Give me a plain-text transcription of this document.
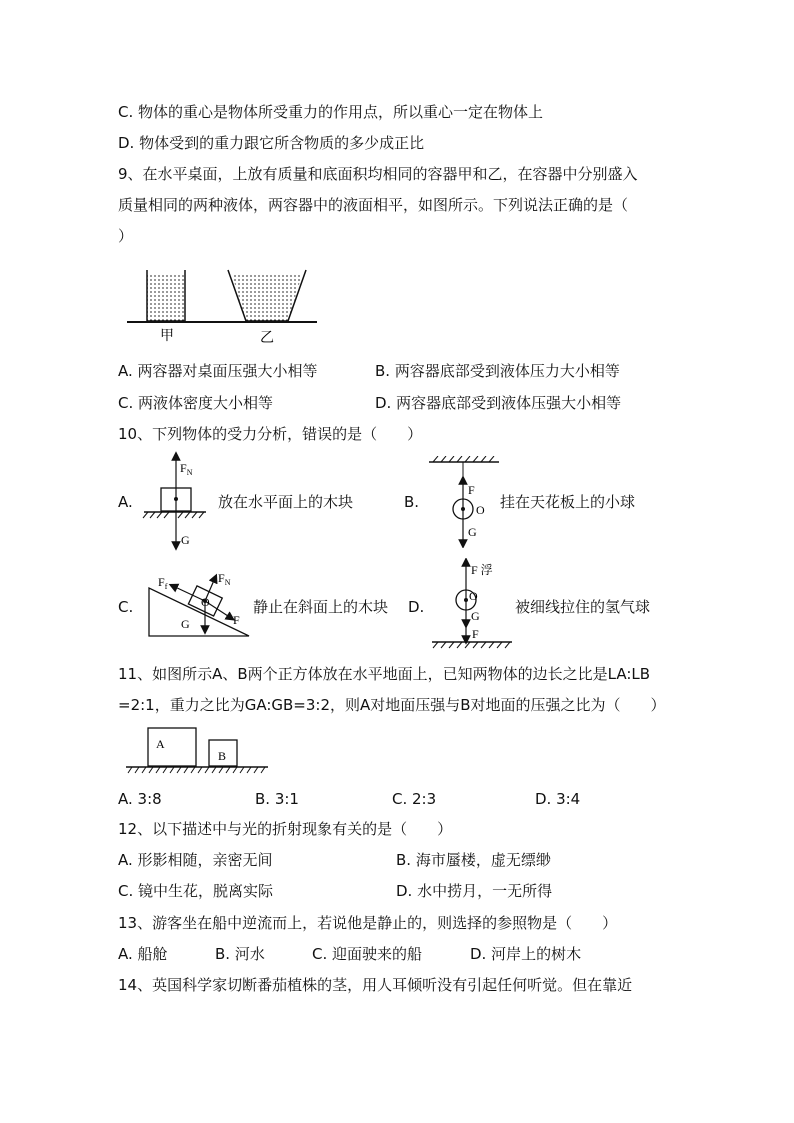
C. 物体的重心是物体所受重力的作用点，所以重心一定在物体上
D. 物体受到的重力跟它所含物质的多少成正比
9、在水平桌面，上放有质量和底面积均相同的容器甲和乙，在容器中分别盛入
质量相同的两种液体，两容器中的液面相平，如图所示。下列说法正确的是（
）
甲	乙
A. 两容器对桌面压强大小相等	B. 两容器底部受到液体压力大小相等
C. 两液体密度大小相等	D. 两容器底部受到液体压强大小相等
10、下列物体的受力分析，错误的是（　　）
A.
$F_N$
G
放在水平面上的木块	B.
F
O
G
挂在天花板上的小球
C.
$F_f$
$F_N$
O
G	F
静止在斜面上的木块 D.
F 浮
O
G
F
被细线拉住的氢气球
11、如图所示A、B两个正方体放在水平地面上，已知两物体的边长之比是LA:LB
=2:1，重力之比为GA:GB=3:2，则A对地面压强与B对地面的压强之比为（　　）
A
B
A. 3:8	B. 3:1	C. 2:3	D. 3:4
12、以下描述中与光的折射现象有关的是（　　）
A. 形影相随，亲密无间	B. 海市蜃楼，虚无缥缈
C. 镜中生花，脱离实际	D. 水中捞月，一无所得
13、游客坐在船中逆流而上，若说他是静止的，则选择的参照物是（　　）
A. 船舱	B. 河水	C. 迎面驶来的船	D. 河岸上的树木
14、英国科学家切断番茄植株的茎，用人耳倾听没有引起任何听觉。但在靠近
